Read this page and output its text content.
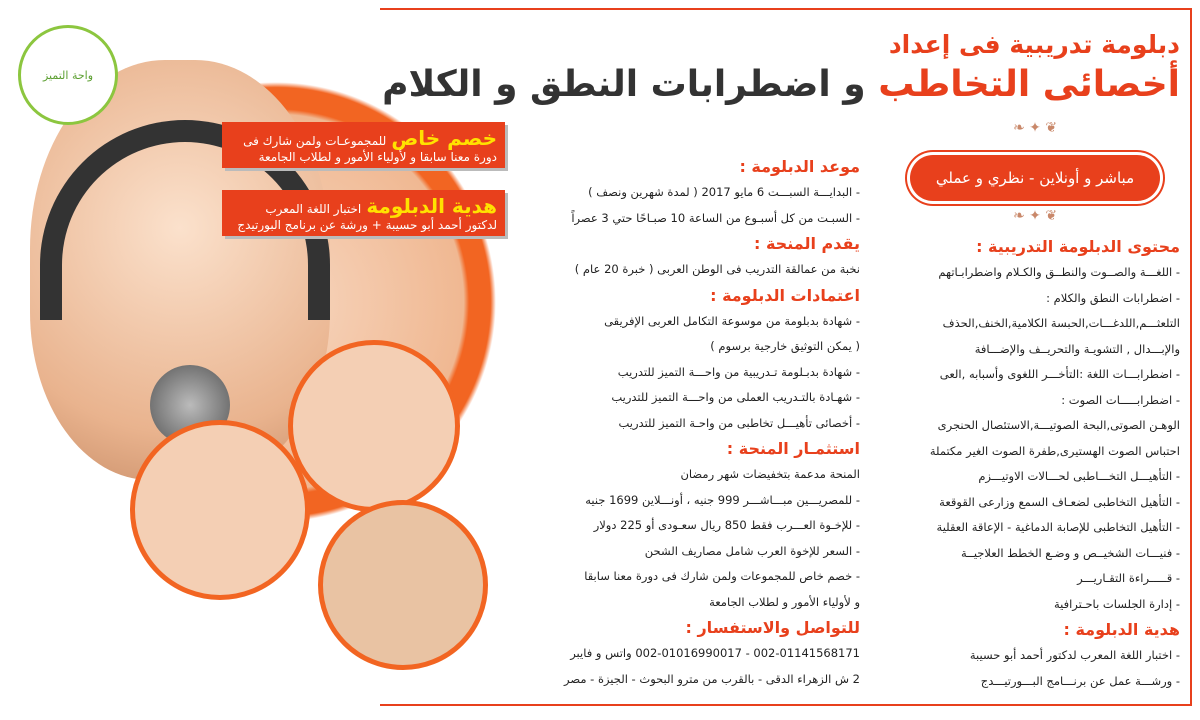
واحة التميز
دبلومة تدريبية فى إعداد
أخصائى التخاطب و اضطرابات النطق و الكلام
❧ ✦ ❦
مباشر و أونلاين - نظري و عملي
❧ ✦ ❦
خصم خاص للمجموعـات ولمن شارك فى
دورة معنا سابقا و لأولياء الأمور و لطلاب الجامعة
هدية الدبلومة اختبار اللغة المعرب
لدكتور أحمد أبو حسيبة + ورشة عن برنامج البورتيدج
موعد الدبلومة :
- البدايـــة السبـــت 6 مايو 2017 ( لمدة شهرين ونصف )
- السبـت من كل أسبـوع من الساعة 10 صبـاحًا حتي 3 عصراً
يقدم المنحة :
نخبة من عمالقة التدريب فى الوطن العربى ( خبرة 20 عام )
اعتمادات الدبلومة :
- شهادة بدبلومة من موسوعة التكامل العربى الإفريقى
( يمكن التوثيق خارجية برسوم )
- شهادة بدبـلومة تـدريبية من واحـــة التميز للتدريب
- شهـادة بالتـدريب العملى من واحـــة التميز للتدريب
- أخصائى تأهيـــل تخاطبى من واحـة التميز للتدريب
استثمـار المنحة :
المنحة مدعمة بتخفيضات شهر رمضان
- للمصريـــين مبـــاشـــر 999 جنيه ، أونـــلاين 1699 جنيه
- للإخـوة العـــرب فقط 850 ريال سعـودى أو 225 دولار
- السعر للإخوة العرب شامل مصاريف الشحن
- خصم خاص للمجموعات ولمن شارك فى دورة معنا سابقا
و لأولياء الأمور و لطلاب الجامعة
للتواصل والاستفسار :
002-01141568171 - 002-01016990017 واتس و فايبر
2 ش الزهراء الدقى - بالقرب من مترو البحوث - الجيزة - مصر
محتوى الدبلومة التدريبية :
- اللغـــة والصــوت والنطــق والكـلام واضطرابـاتهم
- اضطرابات النطق والكلام :
التلعثـــم,اللدغـــات,الحبسة الكلامية,الخنف,الحذف
والإبـــدال , التشويـة والتحريــف والإضـــافة
- اضطرابـــات اللغة :التأخـــر اللغوى وأسبابه ,العى
- اضطرابـــــات الصوت :
الوهـن الصوتى,البحة الصوتيـــة,الاستئصال الحنجرى
احتباس الصوت الهستيرى,طفرة الصوت الغير مكتملة
- التأهيـــل التخـــاطبى لحـــالات الاوتيـــزم
- التأهيل التخاطبى لضعـاف السمع وزارعى القوقعة
- التأهيل التخاطبى للإصابة الدماغية - الإعاقة العقلية
- فنيـــات الشخيــص و وضـع الخطط العلاجيــة
- قـــــراءة التقـاريـــر
- إدارة الجلسات باحـترافية
هدية الدبلومة :
- اختبار اللغة المعرب لدكتور أحمد أبو حسيبة
- ورشـــة عمل عن برنـــامج البـــورتيـــدج
